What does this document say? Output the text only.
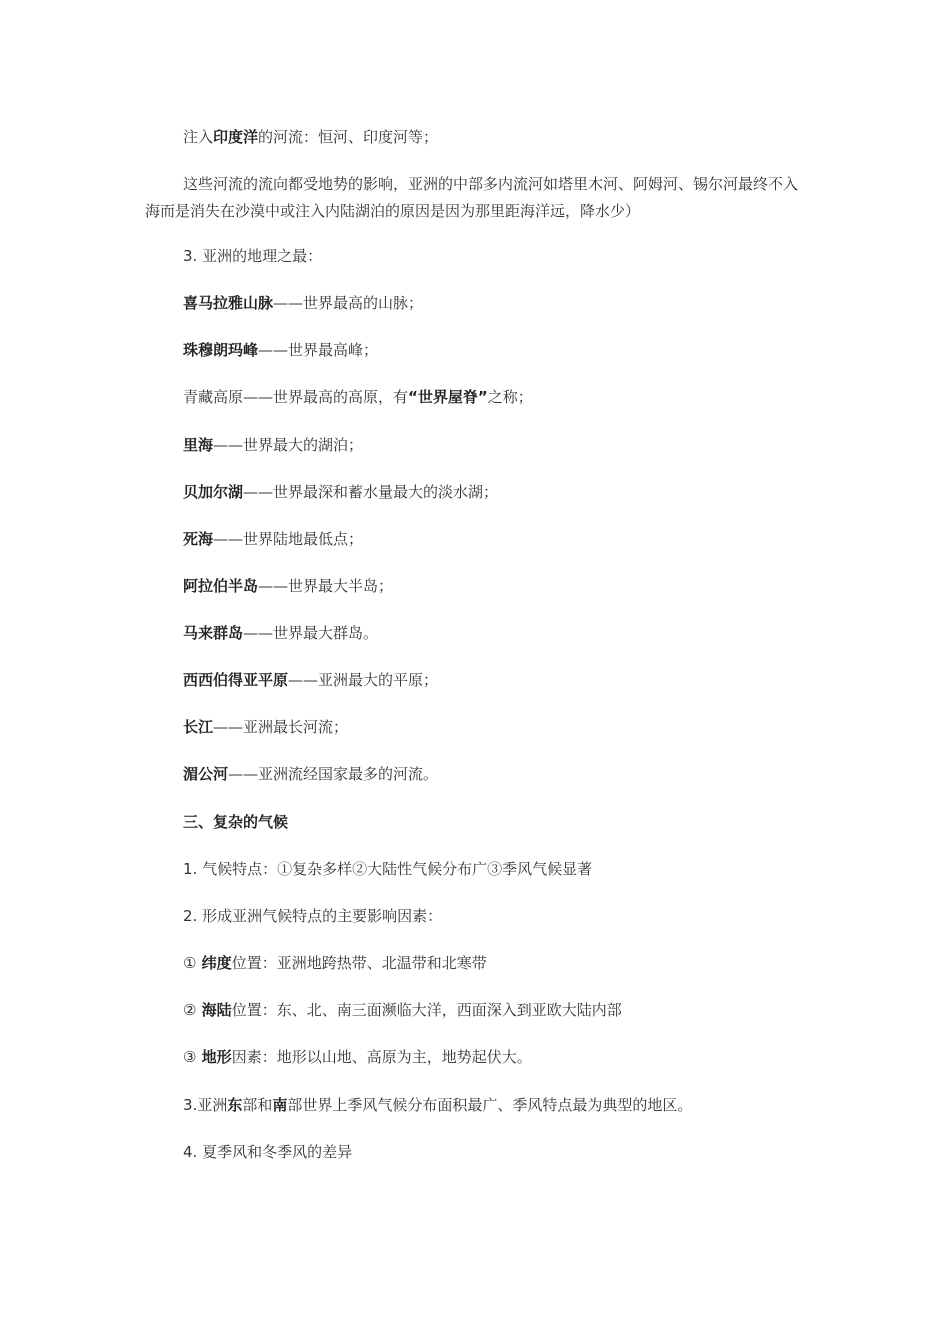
注入印度洋的河流：恒河、印度河等；

这些河流的流向都受地势的影响，亚洲的中部多内流河如塔里木河、阿姆河、锡尔河最终不入海而是消失在沙漠中或注入内陆湖泊的原因是因为那里距海洋远，降水少）

3. 亚洲的地理之最：

喜马拉雅山脉——世界最高的山脉；

珠穆朗玛峰——世界最高峰；

青藏高原——世界最高的高原，有“世界屋脊”之称；

里海——世界最大的湖泊；

贝加尔湖——世界最深和蓄水量最大的淡水湖；

死海——世界陆地最低点；

阿拉伯半岛——世界最大半岛；

马来群岛——世界最大群岛。

西西伯得亚平原——亚洲最大的平原；

长江——亚洲最长河流；

湄公河——亚洲流经国家最多的河流。

三、复杂的气候

1. 气候特点：①复杂多样②大陆性气候分布广③季风气候显著

2. 形成亚洲气候特点的主要影响因素：

① 纬度位置：亚洲地跨热带、北温带和北寒带

② 海陆位置：东、北、南三面濒临大洋，西面深入到亚欧大陆内部

③ 地形因素：地形以山地、高原为主，地势起伏大。

3.亚洲东部和南部世界上季风气候分布面积最广、季风特点最为典型的地区。

4. 夏季风和冬季风的差异
